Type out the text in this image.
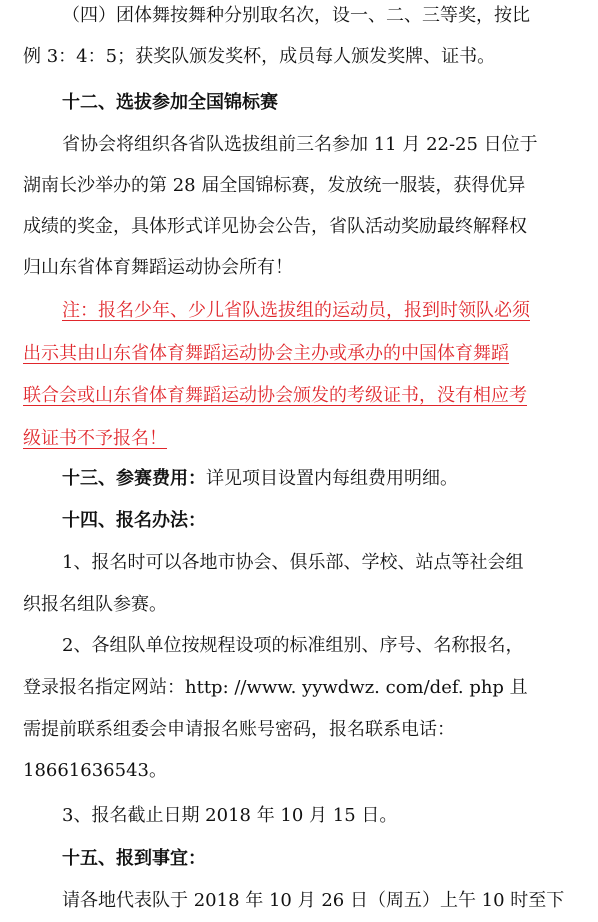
（四）团体舞按舞种分别取名次，设一、二、三等奖，按比
例 3：4：5；获奖队颁发奖杯，成员每人颁发奖牌、证书。
十二、选拔参加全国锦标赛
省协会将组织各省队选拔组前三名参加 11 月 22-25 日位于
湖南长沙举办的第 28 届全国锦标赛，发放统一服装，获得优异
成绩的奖金，具体形式详见协会公告，省队活动奖励最终解释权
归山东省体育舞蹈运动协会所有！
注：报名少年、少儿省队选拔组的运动员，报到时领队必须
出示其由山东省体育舞蹈运动协会主办或承办的中国体育舞蹈
联合会或山东省体育舞蹈运动协会颁发的考级证书，没有相应考
级证书不予报名！
十三、参赛费用：详见项目设置内每组费用明细。
十四、报名办法：
1、报名时可以各地市协会、俱乐部、学校、站点等社会组
织报名组队参赛。
2、各组队单位按规程设项的标准组别、序号、名称报名，
登录报名指定网站：http: //www. yywdwz. com/def. php 且
需提前联系组委会申请报名账号密码，报名联系电话：
18661636543。
3、报名截止日期 2018 年 10 月 15 日。
十五、报到事宜：
请各地代表队于 2018 年 10 月 26 日（周五）上午 10 时至下
